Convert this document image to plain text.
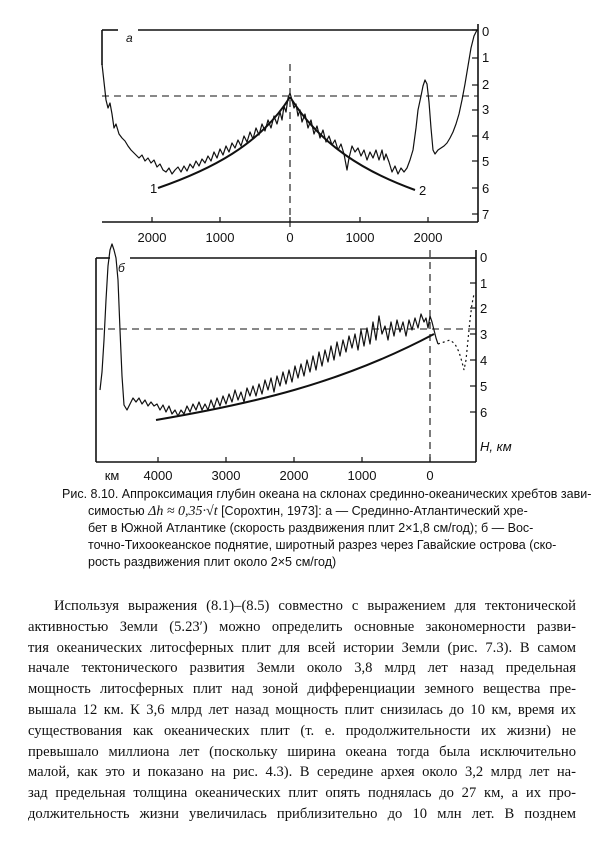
а	0
1
2
3
4
5
6
7
2000	1000	0	1000	2000
1	2
б
0
1
2
3
4
5
6
H, км
км 4000	3000	2000	1000	0
Рис. 8.10. Аппроксимация глубин океана на склонах срединно-океанических хребтов зави-
симостью Δh ≈ 0,35·√t [Сорохтин, 1973]: а — Срединно-Атлантический хре-
бет в Южной Атлантике (скорость раздвижения плит 2×1,8 см/год); б — Вос-
точно-Тихоокеанское поднятие, широтный разрез через Гавайские острова (ско-
рость раздвижения плит около 2×5 см/год)
Используя выражения (8.1)–(8.5) совместно с выражением для тектонической
активностью Земли (5.23′) можно определить основные закономерности разви-
тия океанических литосферных плит для всей истории Земли (рис. 7.3). В самом
начале тектонического развития Земли около 3,8 млрд лет назад предельная
мощность литосферных плит над зоной дифференциации земного вещества пре-
вышала 12 км. К 3,6 млрд лет назад мощность плит снизилась до 10 км, время их
существования как океанических плит (т. е. продолжительности их жизни) не
превышало миллиона лет (поскольку ширина океана тогда была исключительно
малой, как это и показано на рис. 4.3). В середине архея около 3,2 млрд лет на-
зад предельная толщина океанических плит опять поднялась до 27 км, а их про-
должительность жизни увеличилась приблизительно до 10 млн лет. В позднем
